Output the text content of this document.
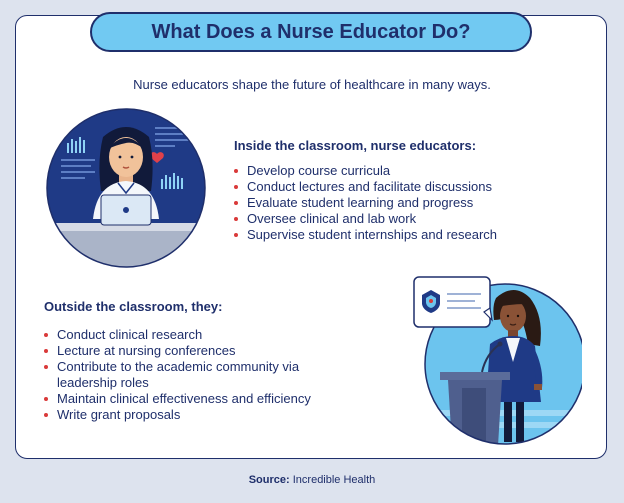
What Does a Nurse Educator Do?
Nurse educators shape the future of healthcare in many ways.
Inside the classroom, nurse educators:
Develop course curricula
Conduct lectures and facilitate discussions
Evaluate student learning and progress
Oversee clinical and lab work
Supervise student internships and research
Outside the classroom, they:
Conduct clinical research
Lecture at nursing conferences
Contribute to the academic community via
leadership roles
Maintain clinical effectiveness and efficiency
Write grant proposals
Source: Incredible Health
